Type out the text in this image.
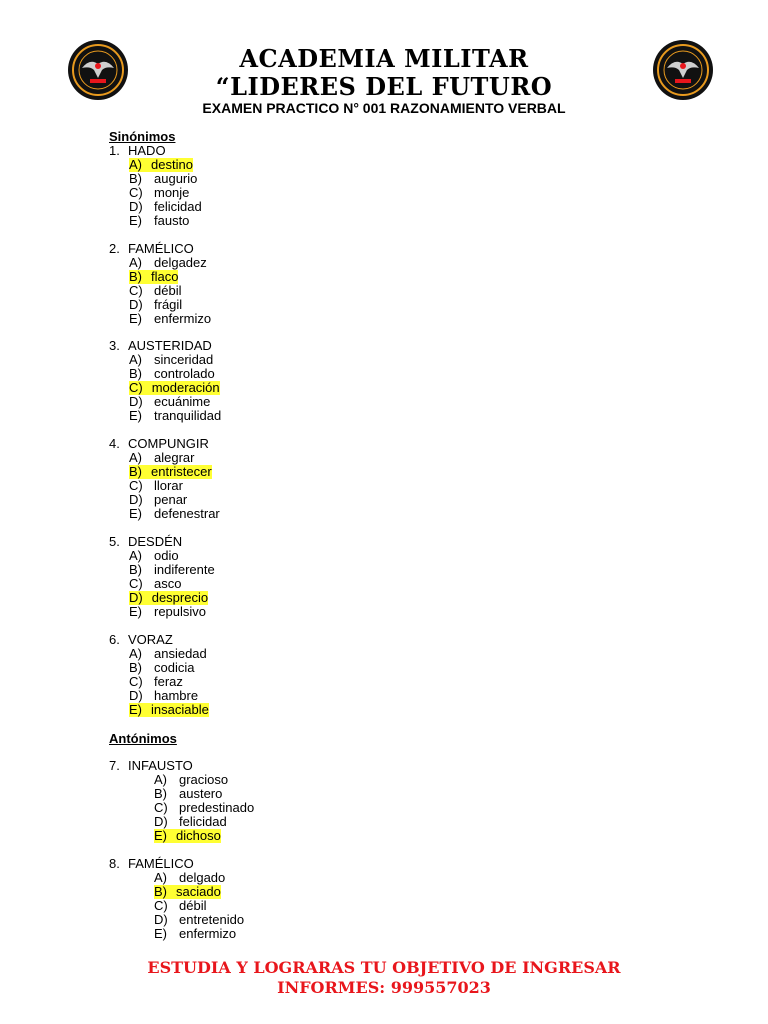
ACADEMIA MILITAR
“LIDERES DEL FUTURO
EXAMEN PRACTICO N° 001 RAZONAMIENTO VERBAL
Sinónimos
Antónimos
1. HADO
A) destino
B) augurio
C) monje
D) felicidad
E) fausto
2. FAMÉLICO
A) delgadez
B) flaco
C) débil
D) frágil
E) enfermizo
3. AUSTERIDAD
A) sinceridad
B) controlado
C) moderación
D) ecuánime
E) tranquilidad
4. COMPUNGIR
A) alegrar
B) entristecer
C) llorar
D) penar
E) defenestrar
5. DESDÉN
A) odio
B) indiferente
C) asco
D) desprecio
E) repulsivo
6. VORAZ
A) ansiedad
B) codicia
C) feraz
D) hambre
E) insaciable
7. INFAUSTO
A) gracioso
B) austero
C) predestinado
D) felicidad
E) dichoso
8. FAMÉLICO
A) delgado
B) saciado
C) débil
D) entretenido
E) enfermizo
ESTUDIA Y LOGRARAS TU OBJETIVO DE INGRESAR
INFORMES: 999557023
